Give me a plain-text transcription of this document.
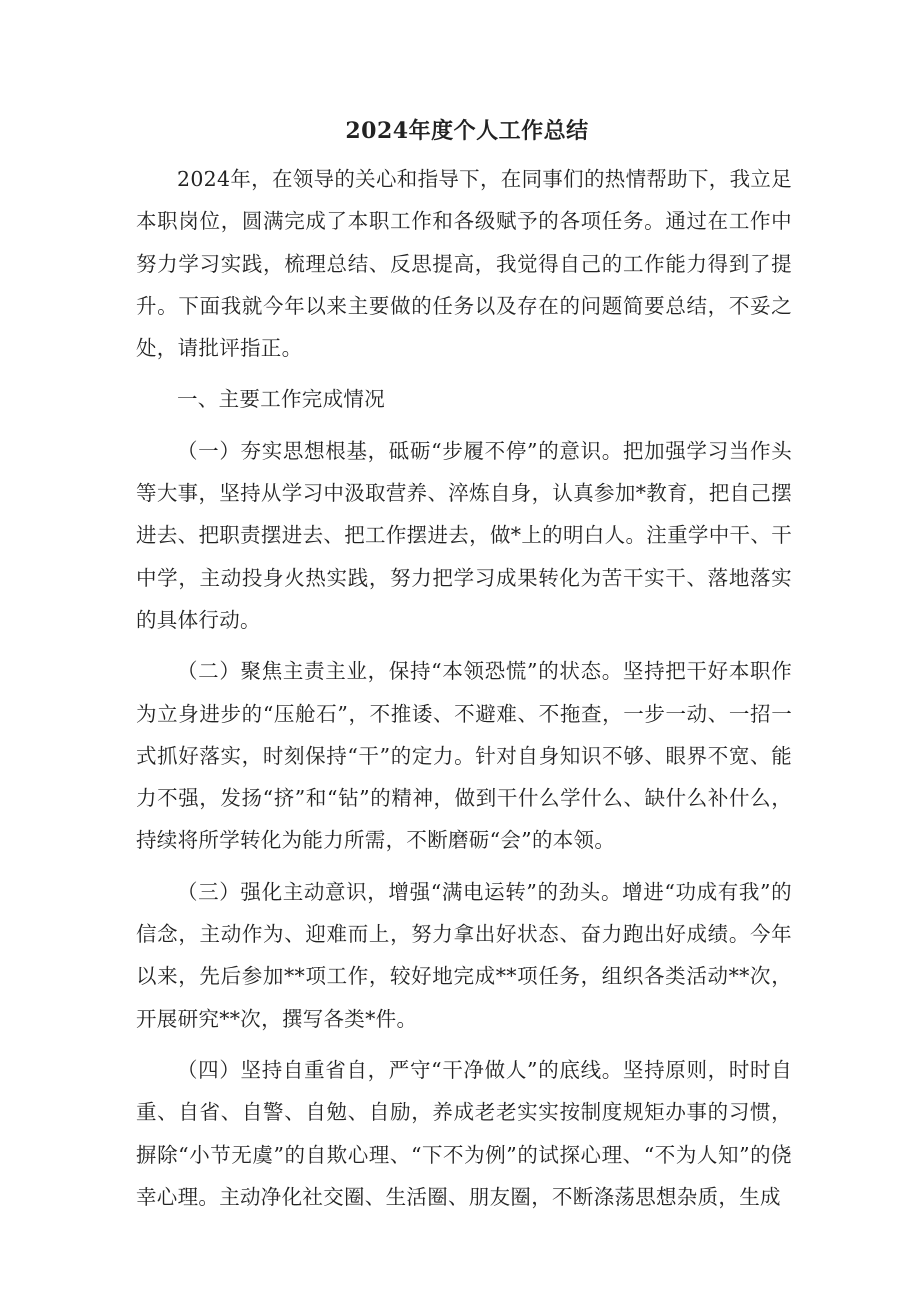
2024年度个人工作总结

2024年，在领导的关心和指导下，在同事们的热情帮助下，我立足本职岗位，圆满完成了本职工作和各级赋予的各项任务。通过在工作中努力学习实践，梳理总结、反思提高，我觉得自己的工作能力得到了提升。下面我就今年以来主要做的任务以及存在的问题简要总结，不妥之处，请批评指正。

一、主要工作完成情况

（一）夯实思想根基，砥砺“步履不停”的意识。把加强学习当作头等大事，坚持从学习中汲取营养、淬炼自身，认真参加*教育，把自己摆进去、把职责摆进去、把工作摆进去，做*上的明白人。注重学中干、干中学，主动投身火热实践，努力把学习成果转化为苦干实干、落地落实的具体行动。

（二）聚焦主责主业，保持“本领恐慌”的状态。坚持把干好本职作为立身进步的“压舱石”，不推诿、不避难、不拖查，一步一动、一招一式抓好落实，时刻保持“干”的定力。针对自身知识不够、眼界不宽、能力不强，发扬“挤”和“钻”的精神，做到干什么学什么、缺什么补什么，持续将所学转化为能力所需，不断磨砺“会”的本领。

（三）强化主动意识，增强“满电运转”的劲头。增进“功成有我”的信念，主动作为、迎难而上，努力拿出好状态、奋力跑出好成绩。今年以来，先后参加**项工作，较好地完成**项任务，组织各类活动**次，开展研究**次，撰写各类*件。

（四）坚持自重省自，严守“干净做人”的底线。坚持原则，时时自重、自省、自警、自勉、自励，养成老老实实按制度规矩办事的习惯，摒除“小节无虞”的自欺心理、“下不为例”的试探心理、“不为人知”的侥幸心理。主动净化社交圈、生活圈、朋友圈，不断涤荡思想杂质，生成
